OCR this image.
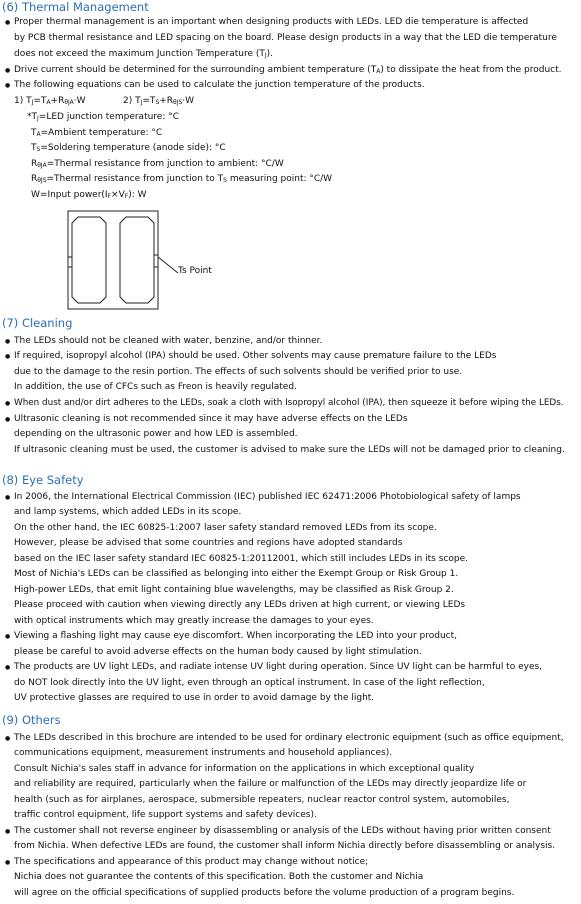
(6) Thermal Management
● Proper thermal management is an important when designing products with LEDs. LED die temperature is affected
by PCB thermal resistance and LED spacing on the board. Please design products in a way that the LED die temperature
does not exceed the maximum Junction Temperature $(T_J)$.
● Drive current should be determined for the surrounding ambient temperature $(T_A)$ to dissipate the heat from the product.
● The following equations can be used to calculate the junction temperature of the products.
1) $T_J=T_A+R_{\theta JA}\cdot W$	2) $T_J=T_S+R_{\theta JS}\cdot W$
$*T_J=LED$ junction temperature: °C
$T_A=Ambient$ temperature: °C
$T_S=Soldering$ temperature (anode side): °C
$R_{\theta JA}=Thermal$ resistance from junction to ambient: °C/W
$R_{\theta JS}=Thermal$ resistance from junction to $T_S$ measuring point: °C/W
W=Input $power(I_F\times V_F)$: W
Ts Point
(7) Cleaning
● The LEDs should not be cleaned with water, benzine, and/or thinner.
● If required, isopropyl alcohol (IPA) should be used. Other solvents may cause premature failure to the LEDs
due to the damage to the resin portion. The effects of such solvents should be verified prior to use.
In addition, the use of CFCs such as Freon is heavily regulated.
● When dust and/or dirt adheres to the LEDs, soak a cloth with Isopropyl alcohol (IPA), then squeeze it before wiping the LEDs.
● Ultrasonic cleaning is not recommended since it may have adverse effects on the LEDs
depending on the ultrasonic power and how LED is assembled.
If ultrasonic cleaning must be used, the customer is advised to make sure the LEDs will not be damaged prior to cleaning.
(8) Eye Safety
● In 2006, the International Electrical Commission (IEC) published IEC 62471:2006 Photobiological safety of lamps
and lamp systems, which added LEDs in its scope.
On the other hand, the IEC 60825-1:2007 laser safety standard removed LEDs from its scope.
However, please be advised that some countries and regions have adopted standards
based on the IEC laser safety standard IEC 60825-1:20112001, which still includes LEDs in its scope.
Most of Nichia's LEDs can be classified as belonging into either the Exempt Group or Risk Group 1.
High-power LEDs, that emit light containing blue wavelengths, may be classified as Risk Group 2.
Please proceed with caution when viewing directly any LEDs driven at high current, or viewing LEDs
with optical instruments which may greatly increase the damages to your eyes.
● Viewing a flashing light may cause eye discomfort. When incorporating the LED into your product,
please be careful to avoid adverse effects on the human body caused by light stimulation.
● The products are UV light LEDs, and radiate intense UV light during operation. Since UV light can be harmful to eyes,
do NOT look directly into the UV light, even through an optical instrument. In case of the light reflection,
UV protective glasses are required to use in order to avoid damage by the light.
(9) Others
● The LEDs described in this brochure are intended to be used for ordinary electronic equipment (such as office equipment,
communications equipment, measurement instruments and household appliances).
Consult Nichia's sales staff in advance for information on the applications in which exceptional quality
and reliability are required, particularly when the failure or malfunction of the LEDs may directly jeopardize life or
health (such as for airplanes, aerospace, submersible repeaters, nuclear reactor control system, automobiles,
traffic control equipment, life support systems and safety devices).
● The customer shall not reverse engineer by disassembling or analysis of the LEDs without having prior written consent
from Nichia. When defective LEDs are found, the customer shall inform Nichia directly before disassembling or analysis.
● The specifications and appearance of this product may change without notice;
Nichia does not guarantee the contents of this specification. Both the customer and Nichia
will agree on the official specifications of supplied products before the volume production of a program begins.
